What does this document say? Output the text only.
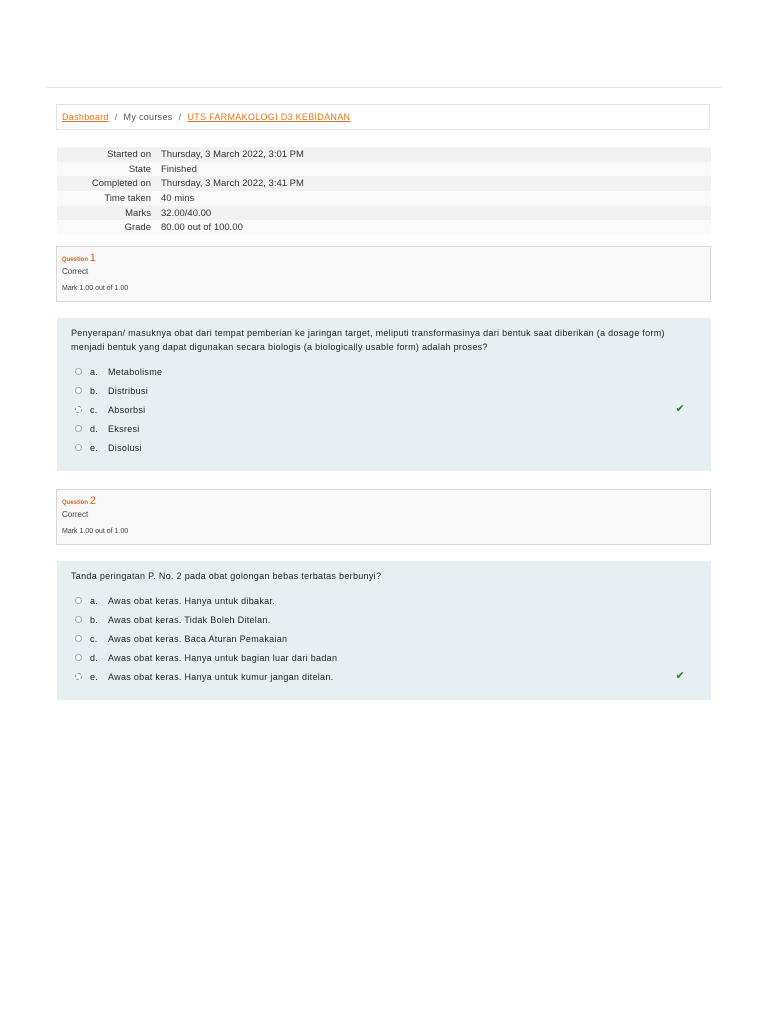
Dashboard / My courses / UTS FARMAKOLOGI D3 KEBIDANAN
Started on	Thursday, 3 March 2022, 3:01 PM
State	Finished
Completed on	Thursday, 3 March 2022, 3:41 PM
Time taken	40 mins
Marks	32.00/40.00
Grade	80.00 out of 100.00
Question 1
Correct
Mark 1.00 out of 1.00
Penyerapan/ masuknya obat dari tempat pemberian ke jaringan target, meliputi transformasinya dari bentuk saat diberikan (a dosage form) menjadi bentuk yang dapat digunakan secara biologis (a biologically usable form) adalah proses?
a.	Metabolisme
b.	Distribusi
c.	Absorbsi	✔
d.	Eksresi
e.	Disolusi
Question 2
Correct
Mark 1.00 out of 1.00
Tanda peringatan P. No. 2 pada obat golongan bebas terbatas berbunyi?
a.	Awas obat keras. Hanya untuk dibakar.
b.	Awas obat keras. Tidak Boleh Ditelan.
c.	Awas obat keras. Baca Aturan Pemakaian
d.	Awas obat keras. Hanya untuk bagian luar dari badan
e.	Awas obat keras. Hanya untuk kumur jangan ditelan.	✔
